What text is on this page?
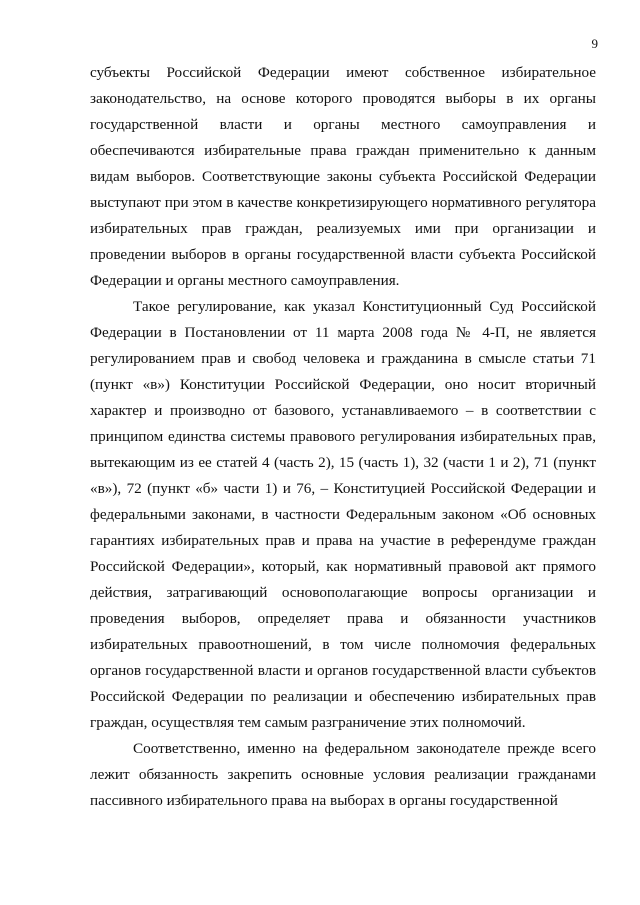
9

субъекты Российской Федерации имеют собственное избирательное законодательство, на основе которого проводятся выборы в их органы государственной власти и органы местного самоуправления и обеспечиваются избирательные права граждан применительно к данным видам выборов. Соответствующие законы субъекта Российской Федерации выступают при этом в качестве конкретизирующего нормативного регулятора избирательных прав граждан, реализуемых ими при организации и проведении выборов в органы государственной власти субъекта Российской Федерации и органы местного самоуправления.

Такое регулирование, как указал Конституционный Суд Российской Федерации в Постановлении от 11 марта 2008 года № 4-П, не является регулированием прав и свобод человека и гражданина в смысле статьи 71 (пункт «в») Конституции Российской Федерации, оно носит вторичный характер и производно от базового, устанавливаемого – в соответствии с принципом единства системы правового регулирования избирательных прав, вытекающим из ее статей 4 (часть 2), 15 (часть 1), 32 (части 1 и 2), 71 (пункт «в»), 72 (пункт «б» части 1) и 76, – Конституцией Российской Федерации и федеральными законами, в частности Федеральным законом «Об основных гарантиях избирательных прав и права на участие в референдуме граждан Российской Федерации», который, как нормативный правовой акт прямого действия, затрагивающий основополагающие вопросы организации и проведения выборов, определяет права и обязанности участников избирательных правоотношений, в том числе полномочия федеральных органов государственной власти и органов государственной власти субъектов Российской Федерации по реализации и обеспечению избирательных прав граждан, осуществляя тем самым разграничение этих полномочий.

Соответственно, именно на федеральном законодателе прежде всего лежит обязанность закрепить основные условия реализации гражданами пассивного избирательного права на выборах в органы государственной
